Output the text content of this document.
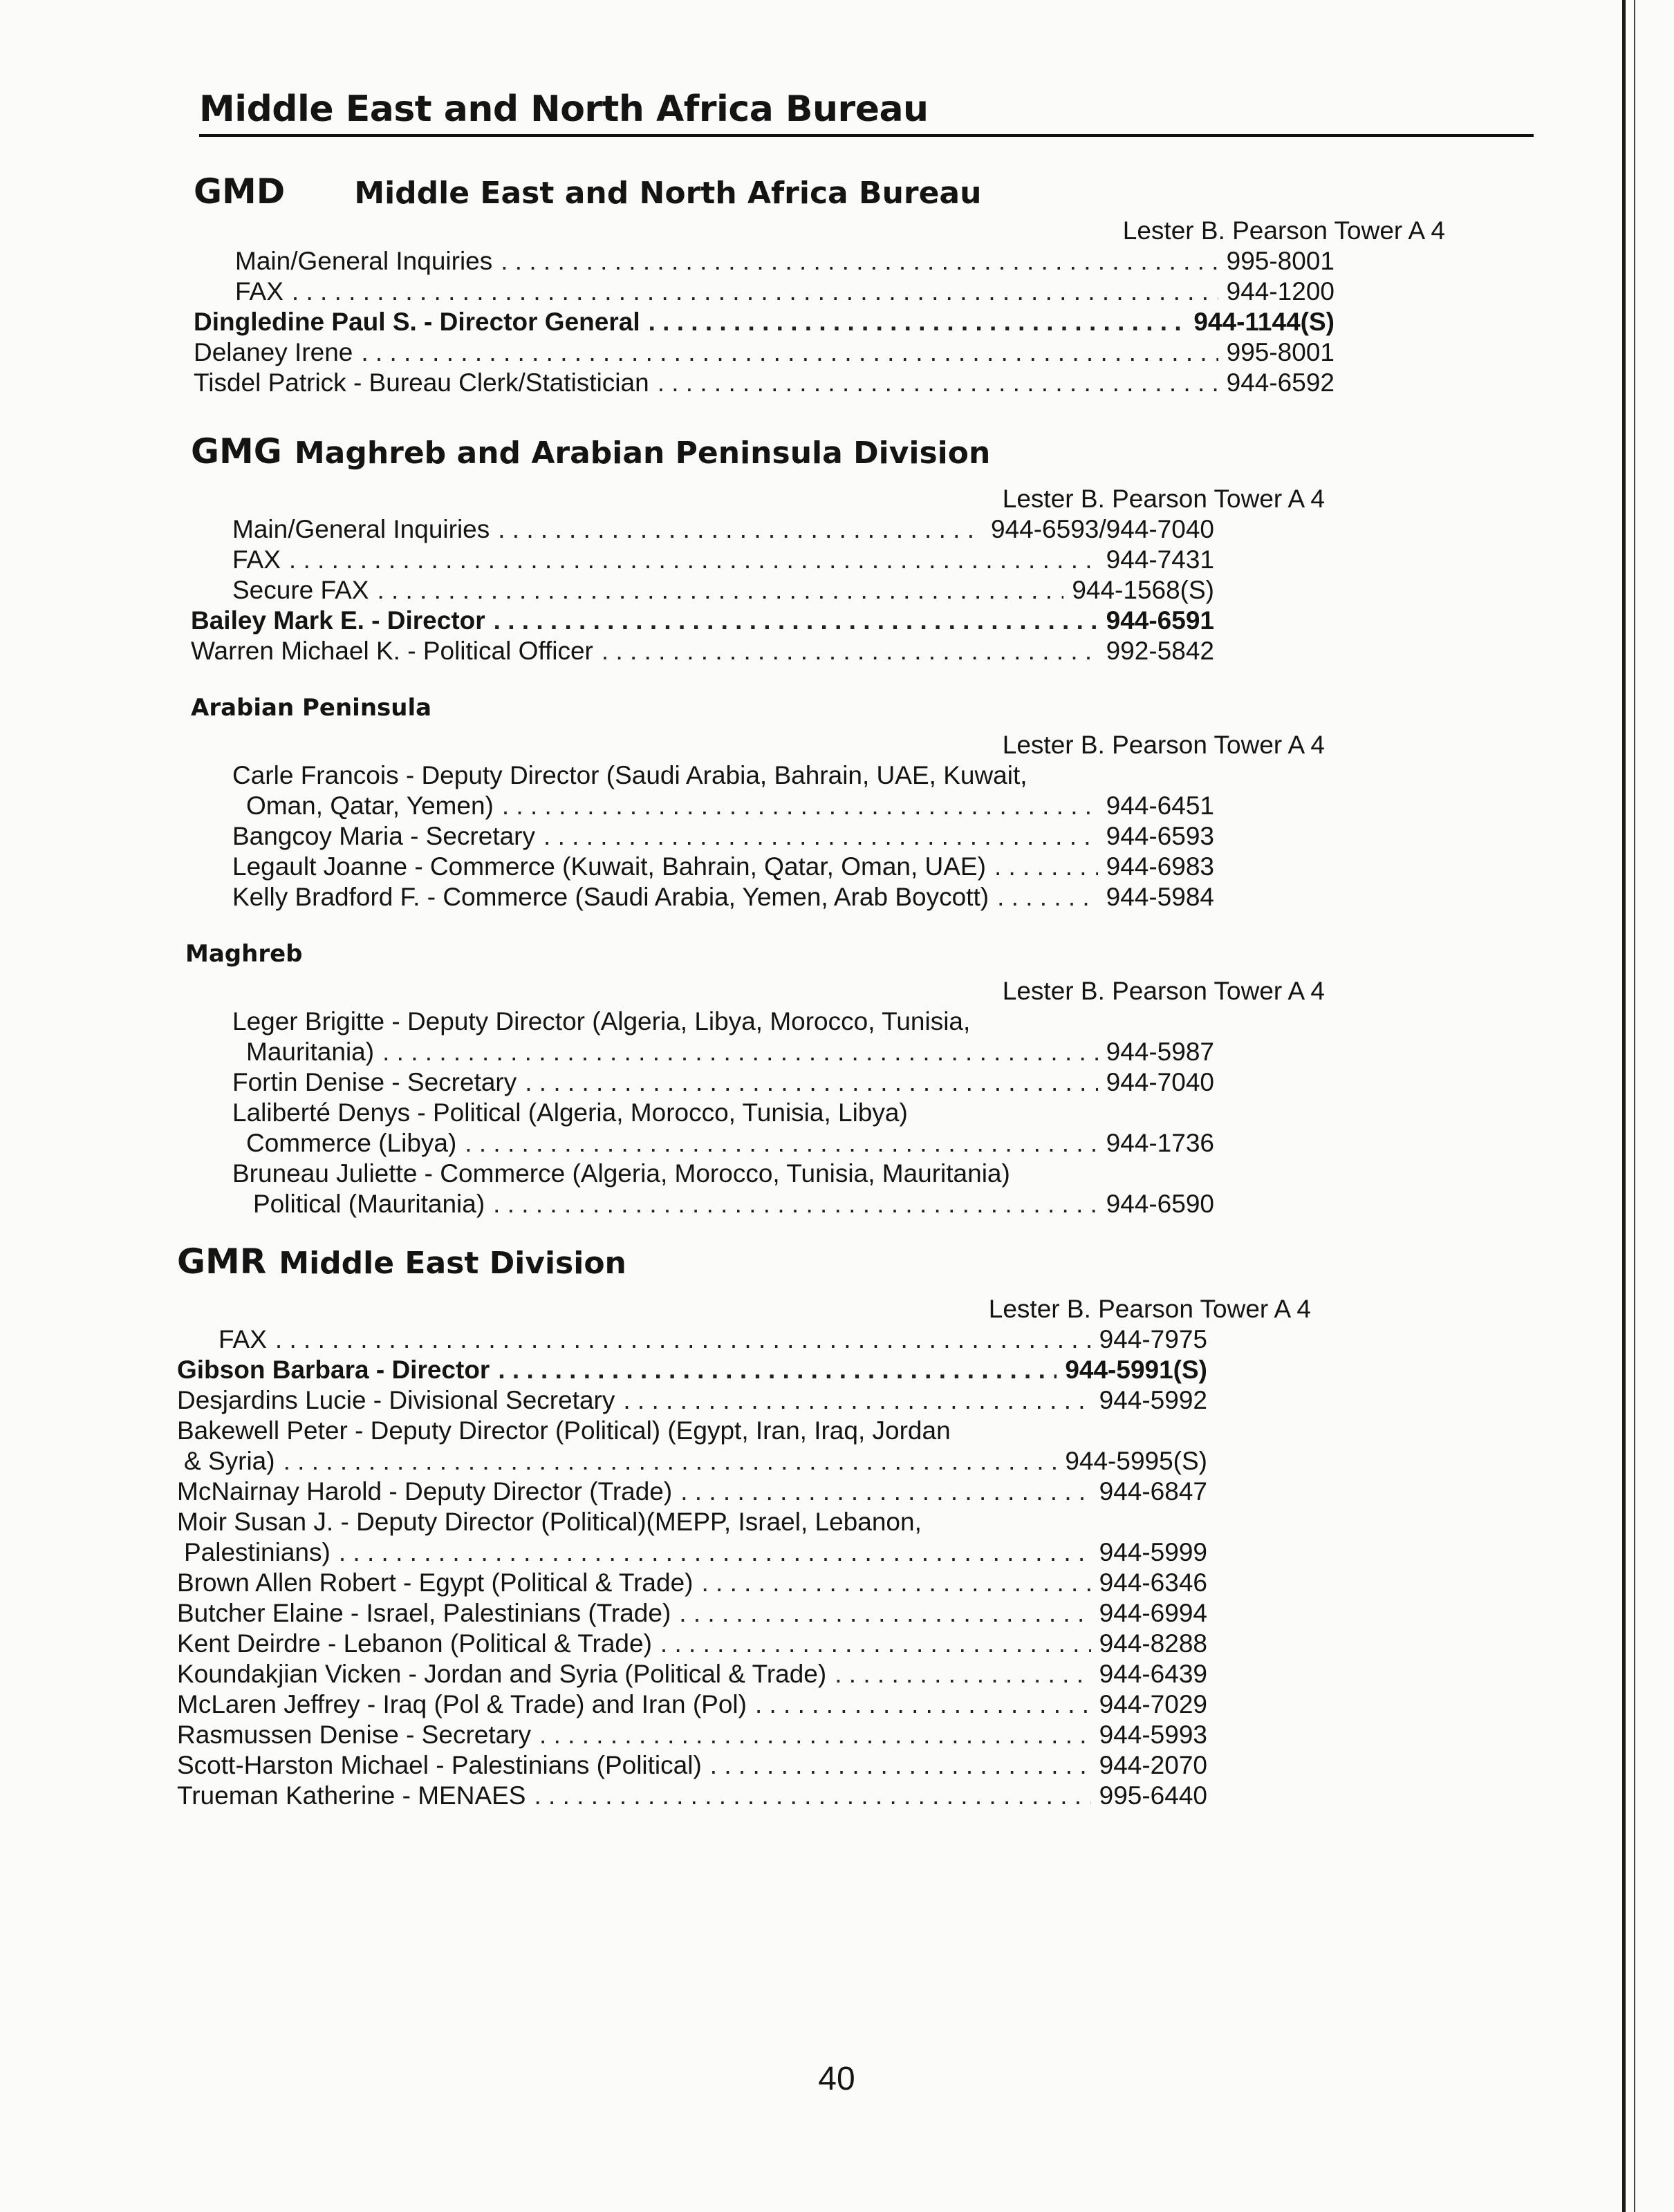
Middle East and North Africa Bureau
GMD Middle East and North Africa Bureau
Lester B. Pearson Tower A 4
Main/General Inquiries . . .	995-8001
FAX . . .	944-1200
Dingledine Paul S. - Director General . . .	944-1144(S)
Delaney Irene . . .	995-8001
Tisdel Patrick - Bureau Clerk/Statistician . . .	944-6592
GMG Maghreb and Arabian Peninsula Division
Lester B. Pearson Tower A 4
Main/General Inquiries . . .	944-6593/944-7040
FAX . . .	944-7431
Secure FAX . . .	944-1568(S)
Bailey Mark E. - Director . . .	944-6591
Warren Michael K. - Political Officer . . .	992-5842
Arabian Peninsula
Lester B. Pearson Tower A 4
Carle Francois - Deputy Director (Saudi Arabia, Bahrain, UAE, Kuwait,
Oman, Qatar, Yemen) . . .	944-6451
Bangcoy Maria - Secretary . . .	944-6593
Legault Joanne - Commerce (Kuwait, Bahrain, Qatar, Oman, UAE) . . .	944-6983
Kelly Bradford F. - Commerce (Saudi Arabia, Yemen, Arab Boycott) . . .	944-5984
Maghreb
Lester B. Pearson Tower A 4
Leger Brigitte - Deputy Director (Algeria, Libya, Morocco, Tunisia,
Mauritania) . . .	944-5987
Fortin Denise - Secretary . . .	944-7040
Laliberté Denys - Political (Algeria, Morocco, Tunisia, Libya)
Commerce (Libya) . . .	944-1736
Bruneau Juliette - Commerce (Algeria, Morocco, Tunisia, Mauritania)
Political (Mauritania) . . .	944-6590
GMR Middle East Division
Lester B. Pearson Tower A 4
FAX . . .	944-7975
Gibson Barbara - Director . . .	944-5991(S)
Desjardins Lucie - Divisional Secretary . . .	944-5992
Bakewell Peter - Deputy Director (Political) (Egypt, Iran, Iraq, Jordan
& Syria) . . .	944-5995(S)
McNairnay Harold - Deputy Director (Trade) . . .	944-6847
Moir Susan J. - Deputy Director (Political)(MEPP, Israel, Lebanon,
Palestinians) . . .	944-5999
Brown Allen Robert - Egypt (Political & Trade) . . .	944-6346
Butcher Elaine - Israel, Palestinians (Trade) . . .	944-6994
Kent Deirdre - Lebanon (Political & Trade) . . .	944-8288
Koundakjian Vicken - Jordan and Syria (Political & Trade) . . .	944-6439
McLaren Jeffrey - Iraq (Pol & Trade) and Iran (Pol) . . .	944-7029
Rasmussen Denise - Secretary . . .	944-5993
Scott-Harston Michael - Palestinians (Political) . . .	944-2070
Trueman Katherine - MENAES . . .	995-6440
40
